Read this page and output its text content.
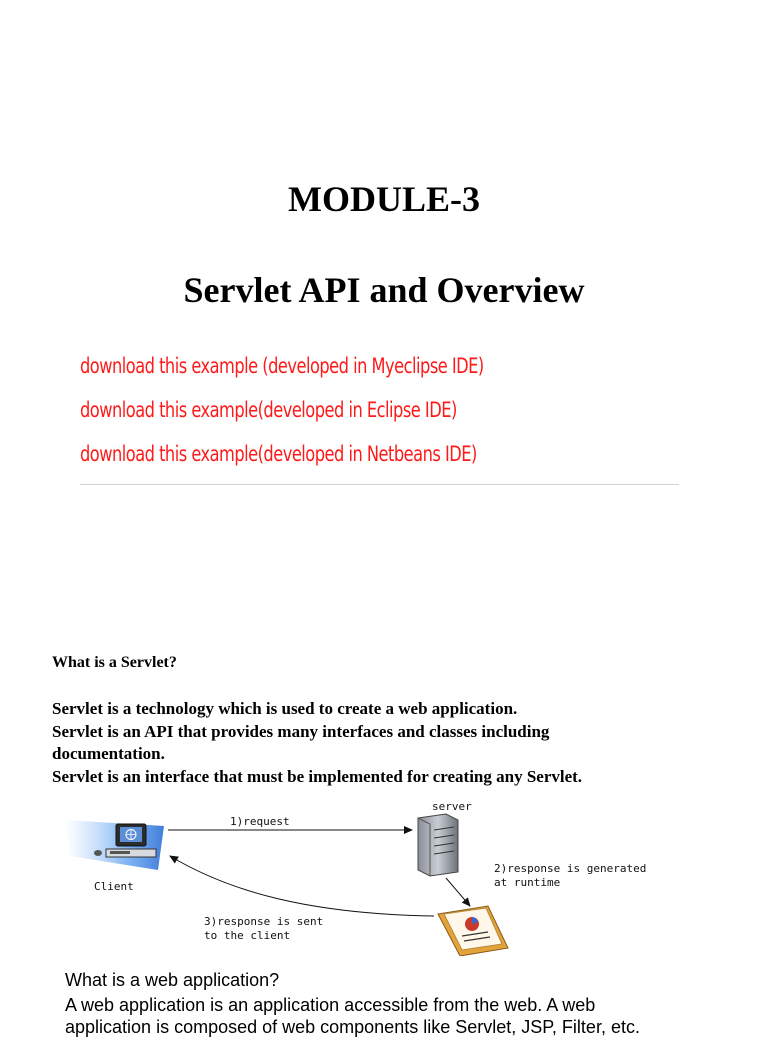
MODULE-3
Servlet API and Overview
download this example (developed in Myeclipse IDE)
download this example(developed in Eclipse IDE)
download this example(developed in Netbeans IDE)

What is a Servlet?

Servlet is a technology which is used to create a web application.
Servlet is an API that provides many interfaces and classes including
documentation.
Servlet is an interface that must be implemented for creating any Servlet.

Client
1)request
server
2)response is generated
at runtime
3)response is sent
to the client

What is a web application?

A web application is an application accessible from the web. A web
application is composed of web components like Servlet, JSP, Filter, etc.
